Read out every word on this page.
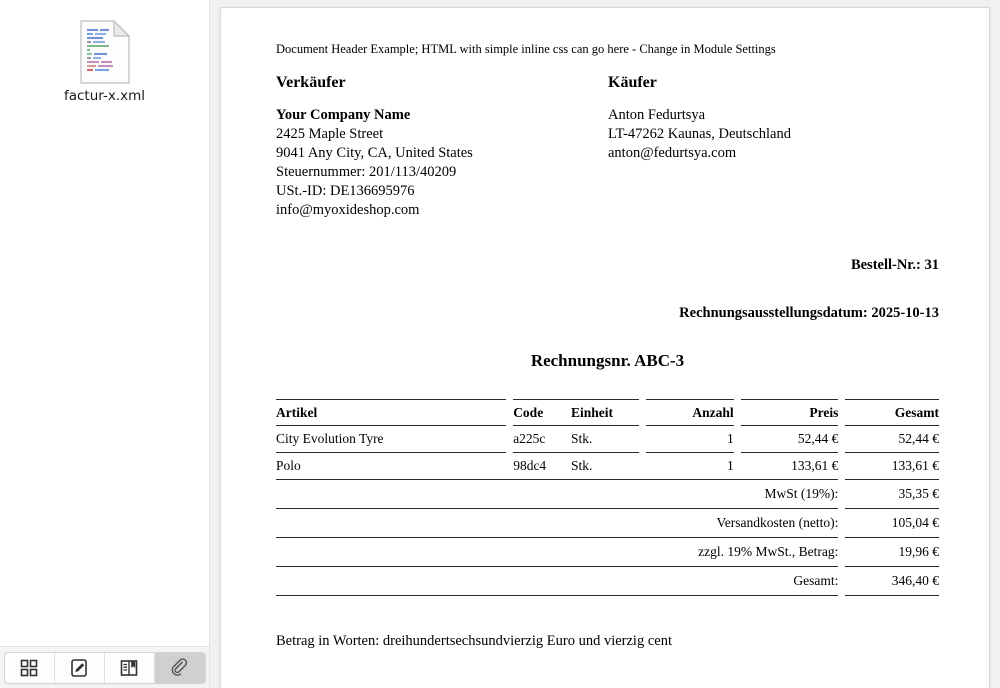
factur-x.xml

Document Header Example; HTML with simple inline css can go here - Change in Module Settings

Verkäufer

Your Company Name

2425 Maple Street

9041 Any City, CA, United States

Steuernummer: 201/113/40209

USt.-ID: DE136695976

info@myoxideshop.com

Käufer

Anton Fedurtsya

LT-47262 Kaunas, Deutschland

anton@fedurtsya.com

Bestell-Nr.: 31

Rechnungsausstellungsdatum: 2025-10-13

Rechnungsnr. ABC-3

Artikel		Code	Einheit		Anzahl		Preis		Gesamt
City Evolution Tyre		a225c	Stk.		1		52,44 €		52,44 €
Polo		98dc4	Stk.		1		133,61 €		133,61 €
MwSt (19%):									35,35 €
Versandkosten (netto):									105,04 €
zzgl. 19% MwSt., Betrag:									19,96 €
Gesamt:									346,40 €

Betrag in Worten: dreihundertsechsundvierzig Euro und vierzig cent
